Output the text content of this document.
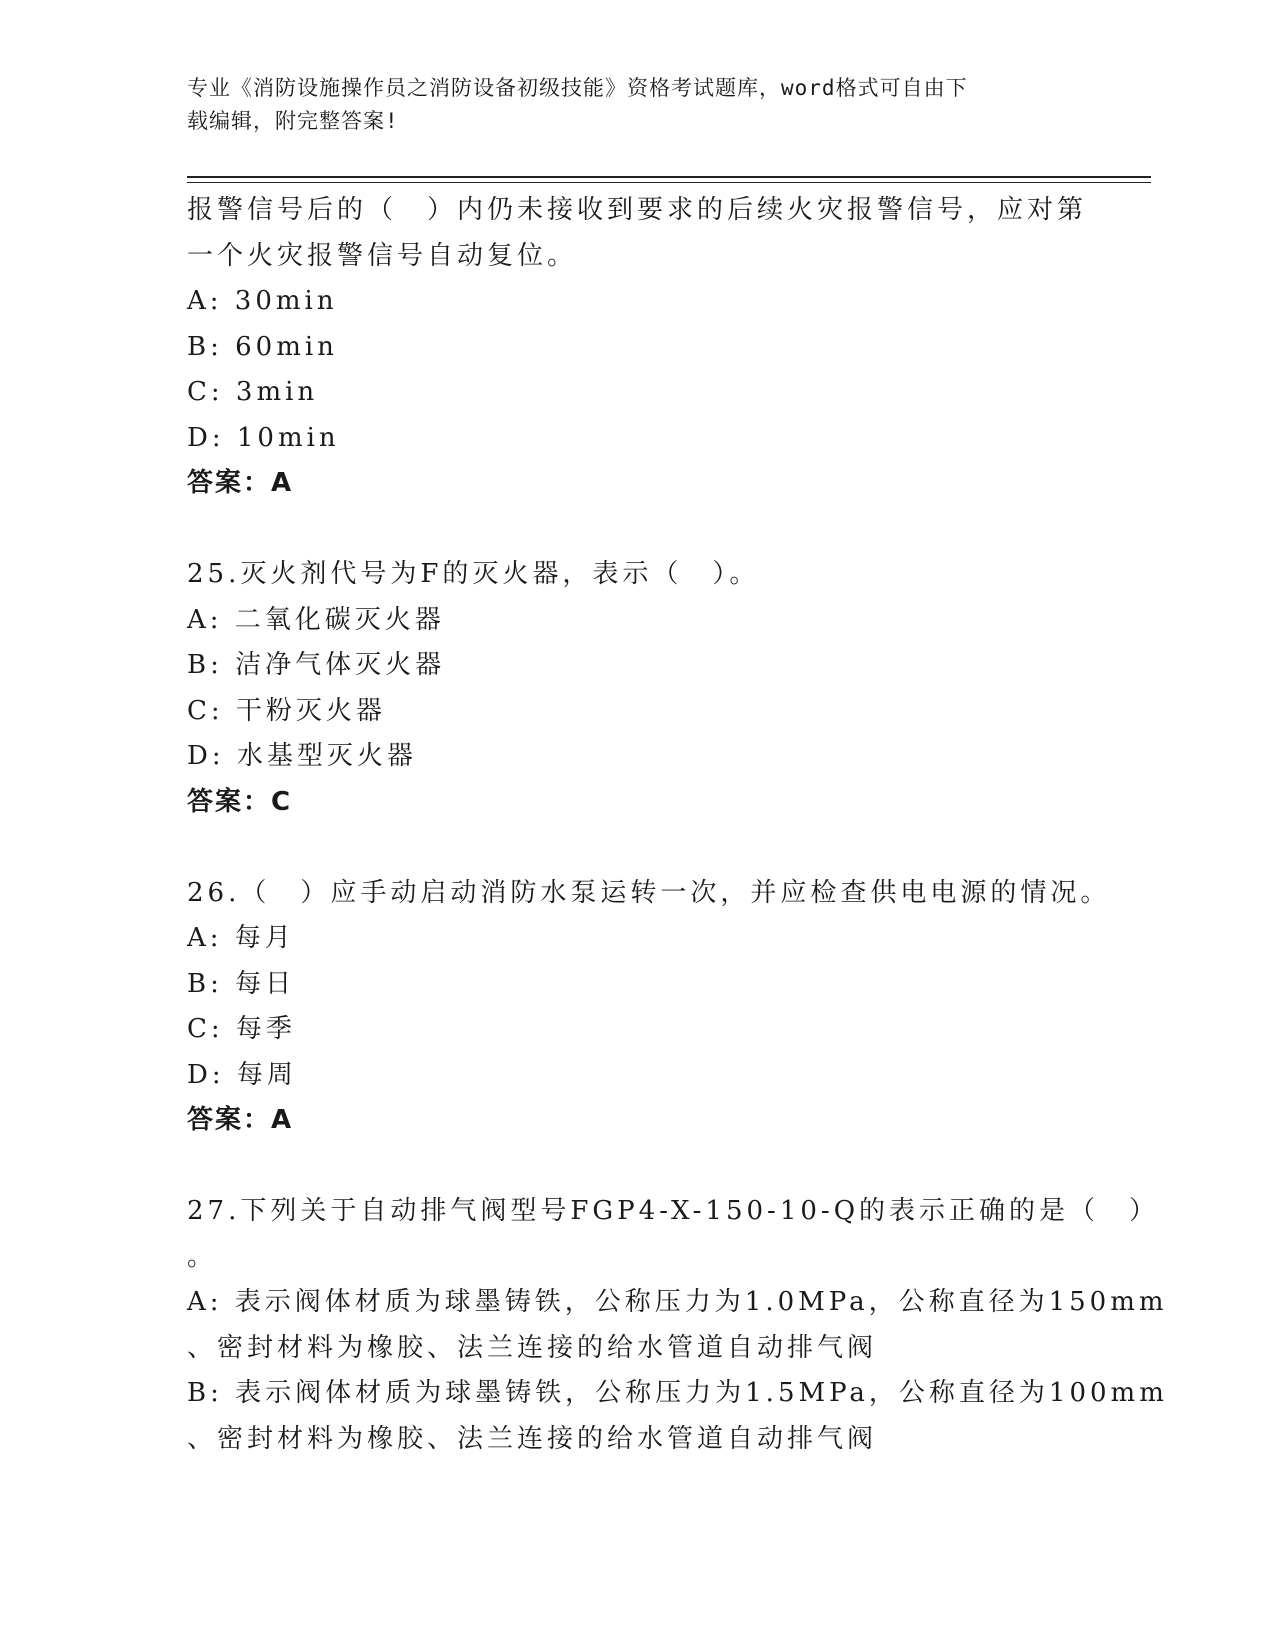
专业《消防设施操作员之消防设备初级技能》资格考试题库，word格式可自由下
载编辑，附完整答案!
报警信号后的（　）内仍未接收到要求的后续火灾报警信号，应对第
一个火灾报警信号自动复位。
A: 30min
B: 60min
C: 3min
D: 10min
答案：A
25.灭火剂代号为F的灭火器，表示（　）。
A: 二氧化碳灭火器
B: 洁净气体灭火器
C: 干粉灭火器
D: 水基型灭火器
答案：C
26.（　）应手动启动消防水泵运转一次，并应检查供电电源的情况。
A: 每月
B: 每日
C: 每季
D: 每周
答案：A
27.下列关于自动排气阀型号FGP4-X-150-10-Q的表示正确的是（　）
。
A: 表示阀体材质为球墨铸铁，公称压力为1.0MPa，公称直径为150mm
、密封材料为橡胶、法兰连接的给水管道自动排气阀
B: 表示阀体材质为球墨铸铁，公称压力为1.5MPa，公称直径为100mm
、密封材料为橡胶、法兰连接的给水管道自动排气阀
